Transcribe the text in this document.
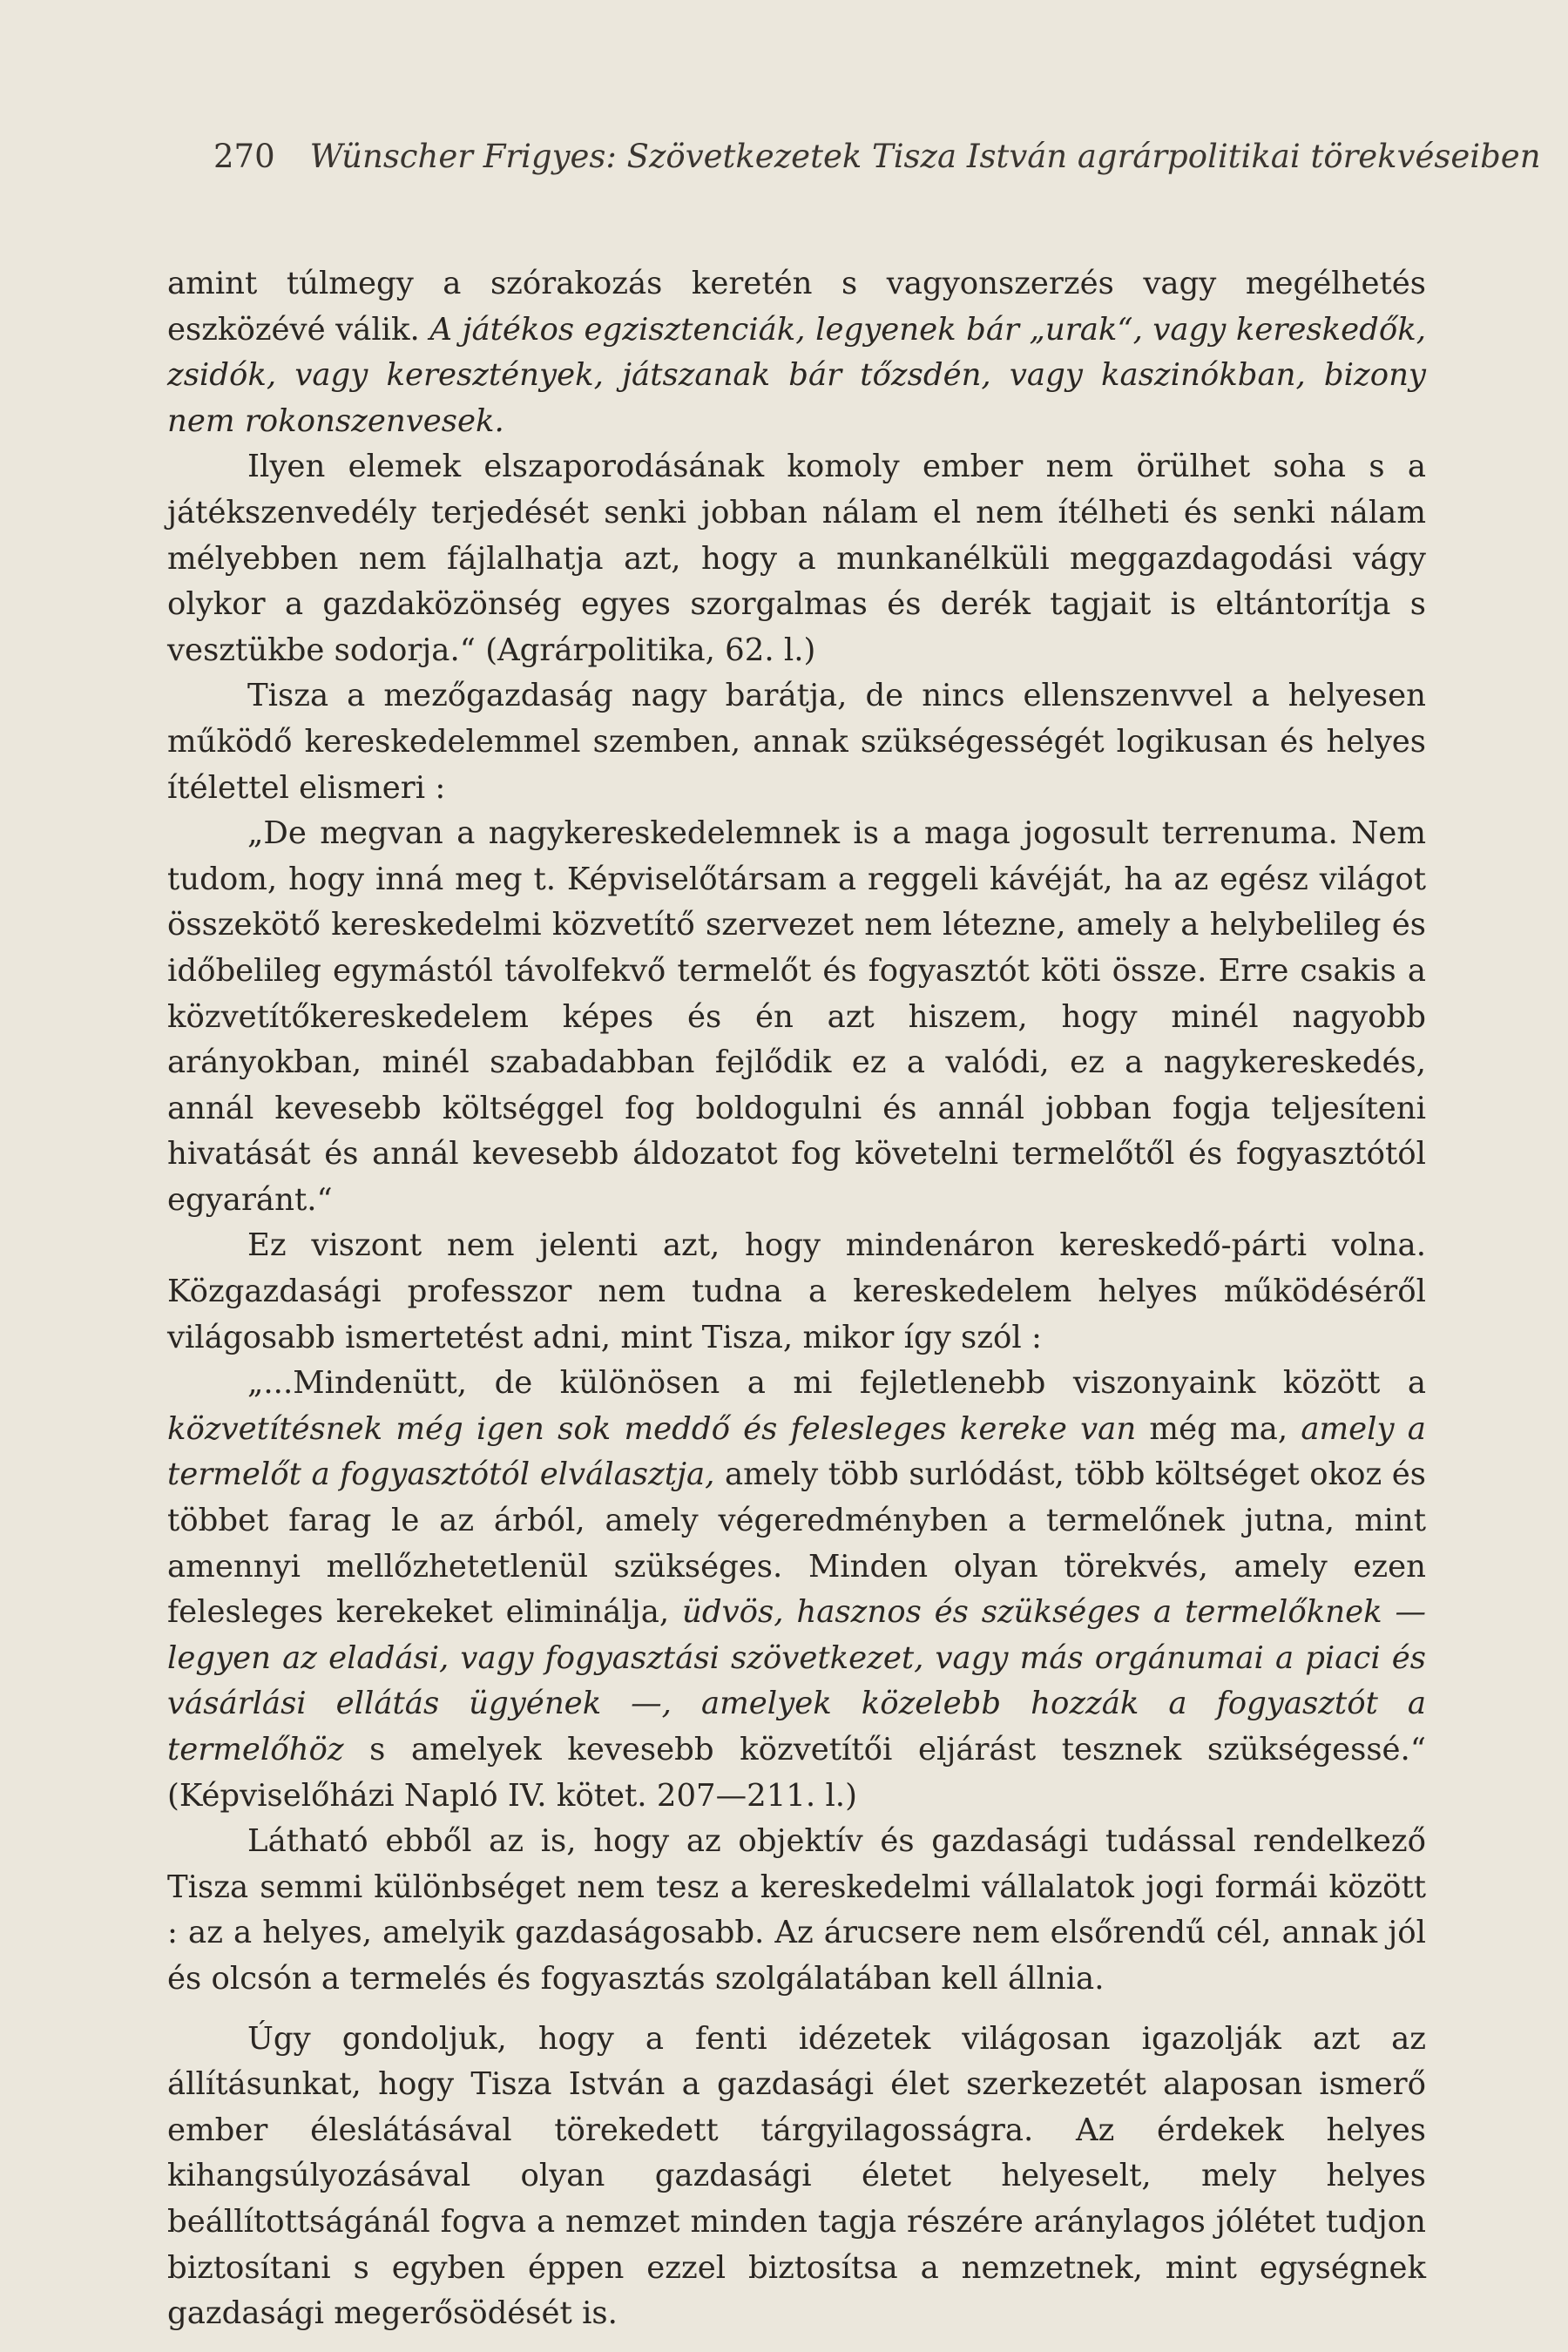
270 Wünscher Frigyes: Szövetkezetek Tisza István agrárpolitikai törekvéseiben

amint túlmegy a szórakozás keretén s vagyonszerzés vagy megélhetés eszközévé válik. A játékos egzisztenciák, legyenek bár „urak“, vagy kereskedők, zsidók, vagy keresztények, játszanak bár tőzsdén, vagy kaszinókban, bizony nem rokonszenvesek.

Ilyen elemek elszaporodásának komoly ember nem örülhet soha s a játékszenvedély terjedését senki jobban nálam el nem ítélheti és senki nálam mélyebben nem fájlalhatja azt, hogy a munkanélküli meggazdagodási vágy olykor a gazdaközönség egyes szorgalmas és derék tagjait is eltántorítja s vesztükbe sodorja.“ (Agrárpolitika, 62. l.)

Tisza a mezőgazdaság nagy barátja, de nincs ellenszenvvel a helyesen működő kereskedelemmel szemben, annak szükségességét logikusan és helyes ítélettel elismeri :

„De megvan a nagykereskedelemnek is a maga jogosult terrenuma. Nem tudom, hogy inná meg t. Képviselőtársam a reggeli kávéját, ha az egész világot összekötő kereskedelmi közvetítő szervezet nem létezne, amely a helybelileg és időbelileg egymástól távolfekvő termelőt és fogyasztót köti össze. Erre csakis a közvetítőkereskedelem képes és én azt hiszem, hogy minél nagyobb arányokban, minél szabadabban fejlődik ez a valódi, ez a nagykereskedés, annál kevesebb költséggel fog boldogulni és annál jobban fogja teljesíteni hivatását és annál kevesebb áldozatot fog követelni termelőtől és fogyasztótól egyaránt.“

Ez viszont nem jelenti azt, hogy mindenáron kereskedő-párti volna. Közgazdasági professzor nem tudna a kereskedelem helyes működéséről világosabb ismertetést adni, mint Tisza, mikor így szól :

„...Mindenütt, de különösen a mi fejletlenebb viszonyaink között a közvetítésnek még igen sok meddő és felesleges kereke van még ma, amely a termelőt a fogyasztótól elválasztja, amely több surlódást, több költséget okoz és többet farag le az árból, amely végeredményben a termelőnek jutna, mint amennyi mellőzhetetlenül szükséges. Minden olyan törekvés, amely ezen felesleges kerekeket eliminálja, üdvös, hasznos és szükséges a termelőknek — legyen az eladási, vagy fogyasztási szövetkezet, vagy más orgánumai a piaci és vásárlási ellátás ügyének —, amelyek közelebb hozzák a fogyasztót a termelőhöz s amelyek kevesebb közvetítői eljárást tesznek szükségessé.“ (Képviselőházi Napló IV. kötet. 207—211. l.)

Látható ebből az is, hogy az objektív és gazdasági tudással rendelkező Tisza semmi különbséget nem tesz a kereskedelmi vállalatok jogi formái között : az a helyes, amelyik gazdaságosabb. Az árucsere nem elsőrendű cél, annak jól és olcsón a termelés és fogyasztás szolgálatában kell állnia.

Úgy gondoljuk, hogy a fenti idézetek világosan igazolják azt az állításunkat, hogy Tisza István a gazdasági élet szerkezetét alaposan ismerő ember éleslátásával törekedett tárgyilagosságra. Az érdekek helyes kihangsúlyozásával olyan gazdasági életet helyeselt, mely helyes beállítottságánál fogva a nemzet minden tagja részére aránylagos jólétet tudjon biztosítani s egyben éppen ezzel biztosítsa a nemzetnek, mint egységnek gazdasági megerősödését is.
